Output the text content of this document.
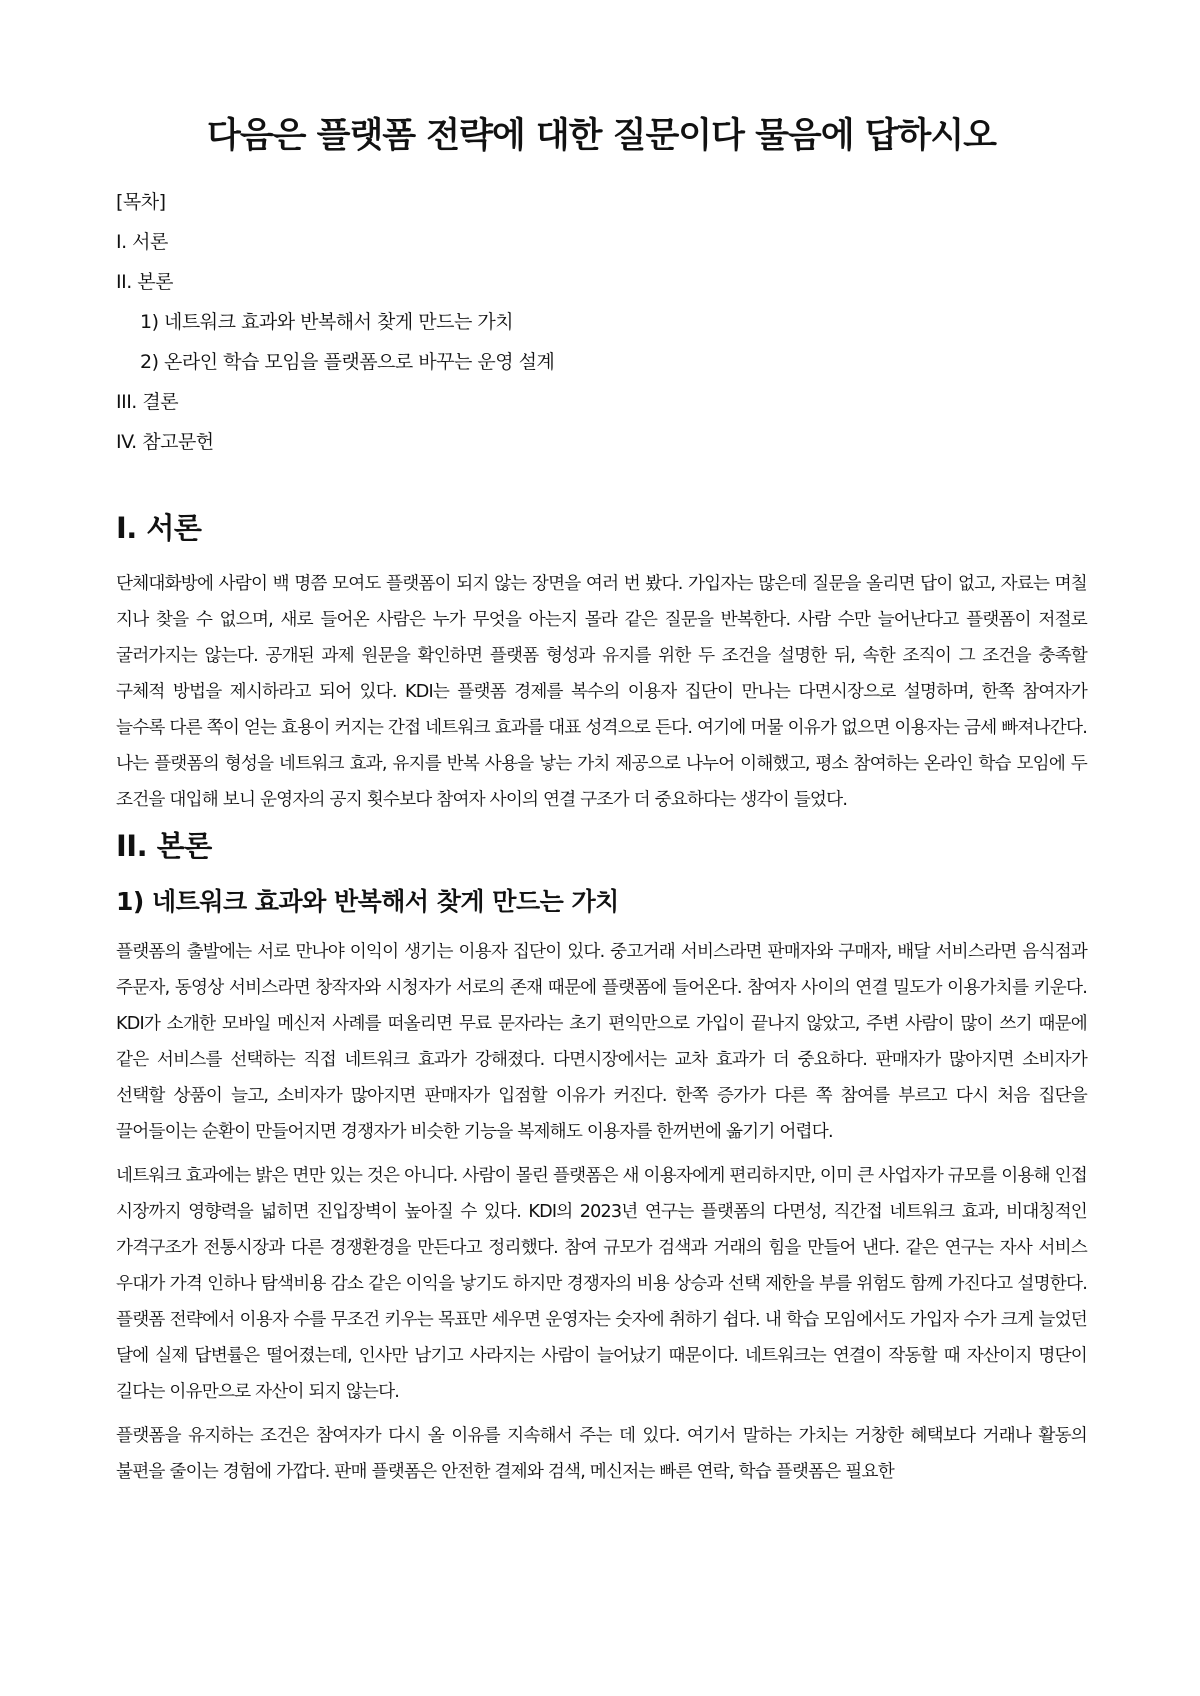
다음은 플랫폼 전략에 대한 질문이다 물음에 답하시오
[목차]
I. 서론
II. 본론
1) 네트워크 효과와 반복해서 찾게 만드는 가치
2) 온라인 학습 모임을 플랫폼으로 바꾸는 운영 설계
III. 결론
IV. 참고문헌
I. 서론

단체대화방에 사람이 백 명쯤 모여도 플랫폼이 되지 않는 장면을 여러 번 봤다. 가입자는 많은데 질문을 올리면 답이 없고, 자료는 며칠 지나 찾을 수 없으며, 새로 들어온 사람은 누가 무엇을 아는지 몰라 같은 질문을 반복한다. 사람 수만 늘어난다고 플랫폼이 저절로 굴러가지는 않는다. 공개된 과제 원문을 확인하면 플랫폼 형성과 유지를 위한 두 조건을 설명한 뒤, 속한 조직이 그 조건을 충족할 구체적 방법을 제시하라고 되어 있다. KDI는 플랫폼 경제를 복수의 이용자 집단이 만나는 다면시장으로 설명하며, 한쪽 참여자가 늘수록 다른 쪽이 얻는 효용이 커지는 간접 네트워크 효과를 대표 성격으로 든다. 여기에 머물 이유가 없으면 이용자는 금세 빠져나간다. 나는 플랫폼의 형성을 네트워크 효과, 유지를 반복 사용을 낳는 가치 제공으로 나누어 이해했고, 평소 참여하는 온라인 학습 모임에 두 조건을 대입해 보니 운영자의 공지 횟수보다 참여자 사이의 연결 구조가 더 중요하다는 생각이 들었다.

II. 본론
1) 네트워크 효과와 반복해서 찾게 만드는 가치

플랫폼의 출발에는 서로 만나야 이익이 생기는 이용자 집단이 있다. 중고거래 서비스라면 판매자와 구매자, 배달 서비스라면 음식점과 주문자, 동영상 서비스라면 창작자와 시청자가 서로의 존재 때문에 플랫폼에 들어온다. 참여자 사이의 연결 밀도가 이용가치를 키운다. KDI가 소개한 모바일 메신저 사례를 떠올리면 무료 문자라는 초기 편익만으로 가입이 끝나지 않았고, 주변 사람이 많이 쓰기 때문에 같은 서비스를 선택하는 직접 네트워크 효과가 강해졌다. 다면시장에서는 교차 효과가 더 중요하다. 판매자가 많아지면 소비자가 선택할 상품이 늘고, 소비자가 많아지면 판매자가 입점할 이유가 커진다. 한쪽 증가가 다른 쪽 참여를 부르고 다시 처음 집단을 끌어들이는 순환이 만들어지면 경쟁자가 비슷한 기능을 복제해도 이용자를 한꺼번에 옮기기 어렵다.

네트워크 효과에는 밝은 면만 있는 것은 아니다. 사람이 몰린 플랫폼은 새 이용자에게 편리하지만, 이미 큰 사업자가 규모를 이용해 인접 시장까지 영향력을 넓히면 진입장벽이 높아질 수 있다. KDI의 2023년 연구는 플랫폼의 다면성, 직간접 네트워크 효과, 비대칭적인 가격구조가 전통시장과 다른 경쟁환경을 만든다고 정리했다. 참여 규모가 검색과 거래의 힘을 만들어 낸다. 같은 연구는 자사 서비스 우대가 가격 인하나 탐색비용 감소 같은 이익을 낳기도 하지만 경쟁자의 비용 상승과 선택 제한을 부를 위험도 함께 가진다고 설명한다. 플랫폼 전략에서 이용자 수를 무조건 키우는 목표만 세우면 운영자는 숫자에 취하기 쉽다. 내 학습 모임에서도 가입자 수가 크게 늘었던 달에 실제 답변률은 떨어졌는데, 인사만 남기고 사라지는 사람이 늘어났기 때문이다. 네트워크는 연결이 작동할 때 자산이지 명단이 길다는 이유만으로 자산이 되지 않는다.

플랫폼을 유지하는 조건은 참여자가 다시 올 이유를 지속해서 주는 데 있다. 여기서 말하는 가치는 거창한 혜택보다 거래나 활동의 불편을 줄이는 경험에 가깝다. 판매 플랫폼은 안전한 결제와 검색, 메신저는 빠른 연락, 학습 플랫폼은 필요한
